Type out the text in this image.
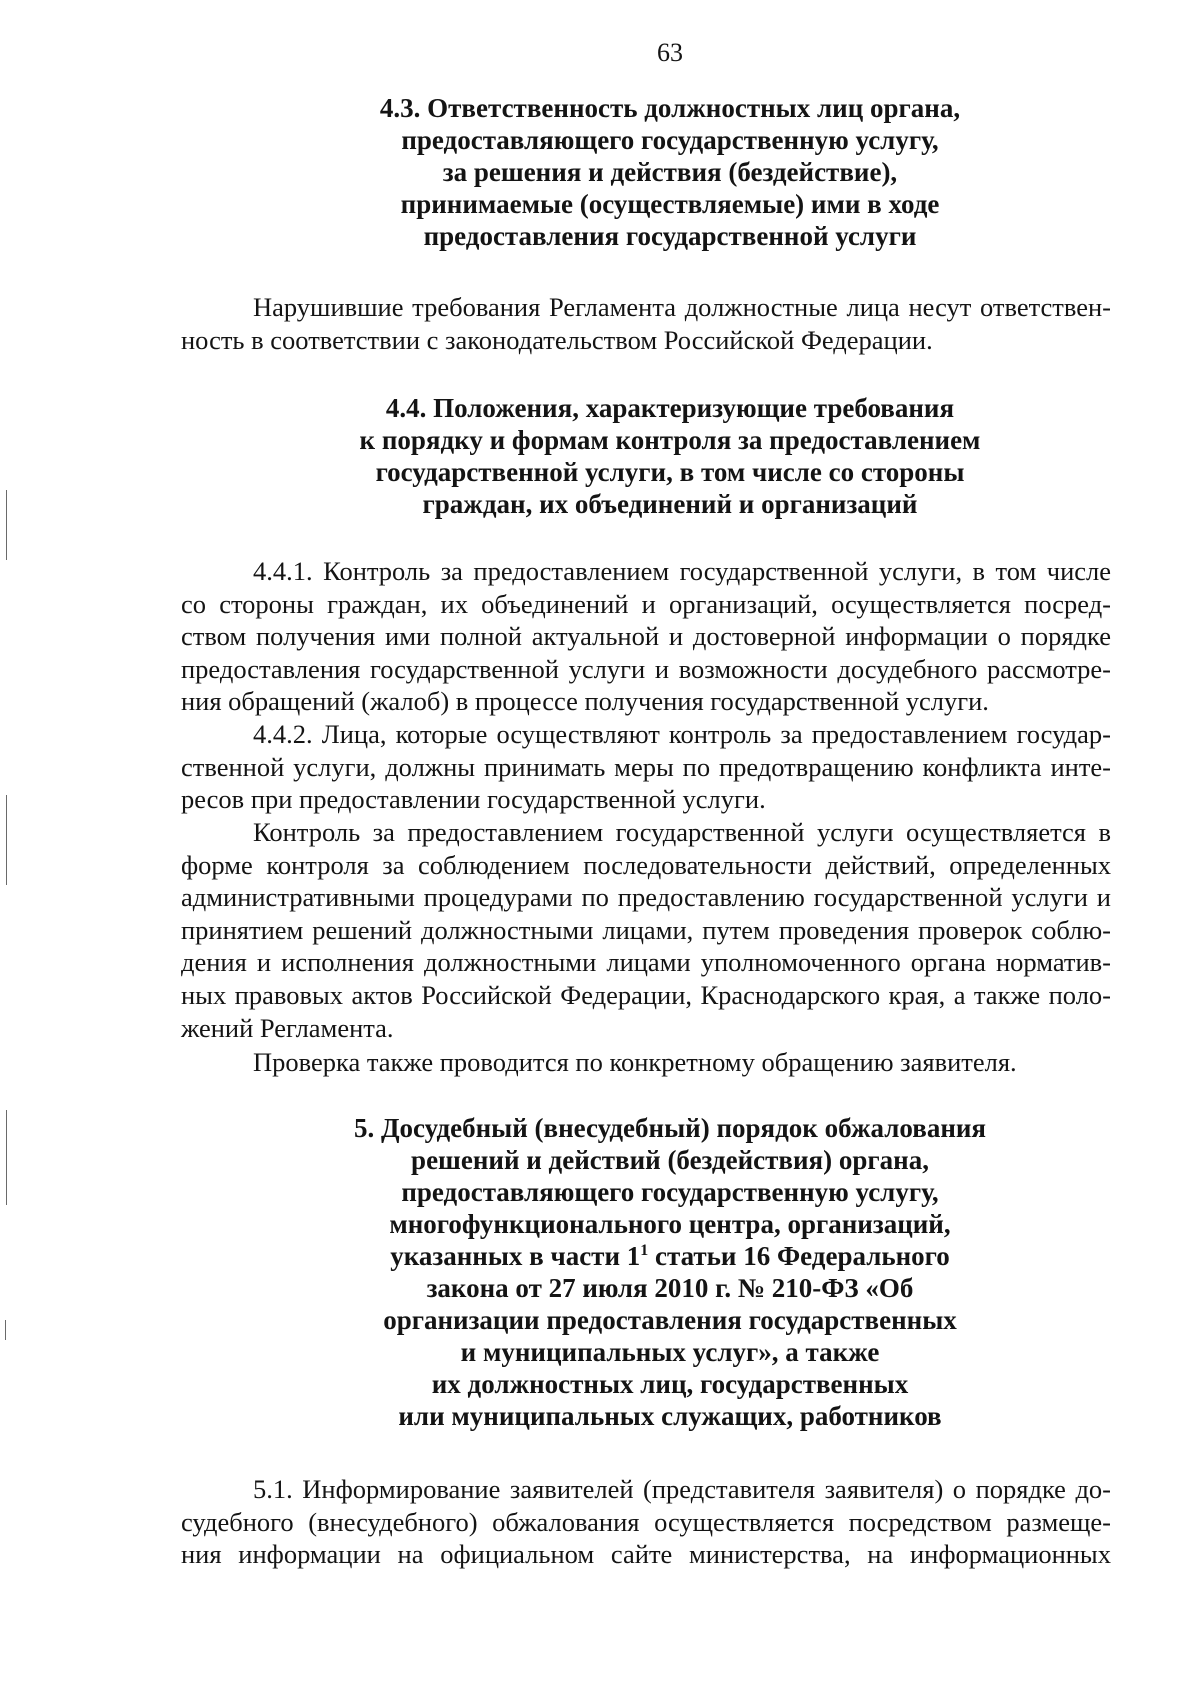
63
4.3. Ответственность должностных лиц органа,
предоставляющего государственную услугу,
за решения и действия (бездействие),
принимаемые (осуществляемые) ими в ходе
предоставления государственной услуги
Нарушившие требования Регламента должностные лица несут ответствен-
ность в соответствии с законодательством Российской Федерации.
4.4. Положения, характеризующие требования
к порядку и формам контроля за предоставлением
государственной услуги, в том числе со стороны
граждан, их объединений и организаций
4.4.1. Контроль за предоставлением государственной услуги, в том числе
со стороны граждан, их объединений и организаций, осуществляется посред-
ством получения ими полной актуальной и достоверной информации о порядке
предоставления государственной услуги и возможности досудебного рассмотре-
ния обращений (жалоб) в процессе получения государственной услуги.
4.4.2. Лица, которые осуществляют контроль за предоставлением государ-
ственной услуги, должны принимать меры по предотвращению конфликта инте-
ресов при предоставлении государственной услуги.
Контроль за предоставлением государственной услуги осуществляется в
форме контроля за соблюдением последовательности действий, определенных
административными процедурами по предоставлению государственной услуги и
принятием решений должностными лицами, путем проведения проверок соблю-
дения и исполнения должностными лицами уполномоченного органа норматив-
ных правовых актов Российской Федерации, Краснодарского края, а также поло-
жений Регламента.
Проверка также проводится по конкретному обращению заявителя.
5. Досудебный (внесудебный) порядок обжалования
решений и действий (бездействия) органа,
предоставляющего государственную услугу,
многофункционального центра, организаций,
указанных в части $1^1$ статьи 16 Федерального
закона от 27 июля 2010 г. № 210-ФЗ «Об
организации предоставления государственных
и муниципальных услуг», а также
их должностных лиц, государственных
или муниципальных служащих, работников
5.1. Информирование заявителей (представителя заявителя) о порядке до-
судебного (внесудебного) обжалования осуществляется посредством размеще-
ния информации на официальном сайте министерства, на информационных
